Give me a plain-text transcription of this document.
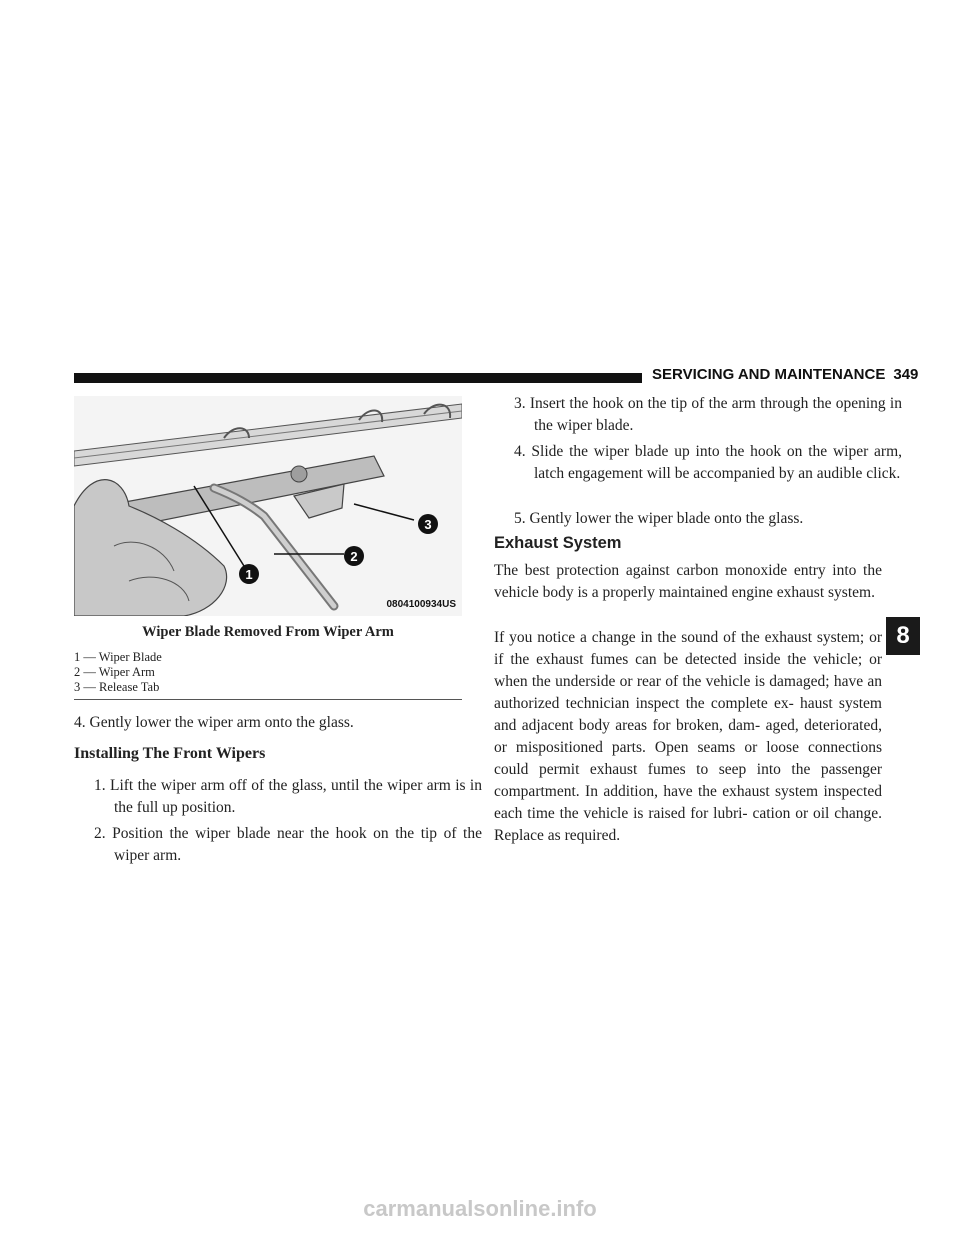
SERVICING AND MAINTENANCE 349
1
2
3
0804100934US
Wiper Blade Removed From Wiper Arm
1 — Wiper Blade
2 — Wiper Arm
3 — Release Tab
4. Gently lower the wiper arm onto the glass.
Installing The Front Wipers
1. Lift the wiper arm off of the glass, until the wiper arm is in the full up position.
2. Position the wiper blade near the hook on the tip of the wiper arm.
3. Insert the hook on the tip of the arm through the opening in the wiper blade.
4. Slide the wiper blade up into the hook on the wiper arm, latch engagement will be accompanied by an audible click.
5. Gently lower the wiper blade onto the glass.
Exhaust System
The best protection against carbon monoxide entry into the vehicle body is a properly maintained engine exhaust system.
If you notice a change in the sound of the exhaust system; or if the exhaust fumes can be detected inside the vehicle; or when the underside or rear of the vehicle is damaged; have an authorized technician inspect the complete ex- haust system and adjacent body areas for broken, dam- aged, deteriorated, or mispositioned parts. Open seams or loose connections could permit exhaust fumes to seep into the passenger compartment. In addition, have the exhaust system inspected each time the vehicle is raised for lubri- cation or oil change. Replace as required.
8
carmanualsonline.info
